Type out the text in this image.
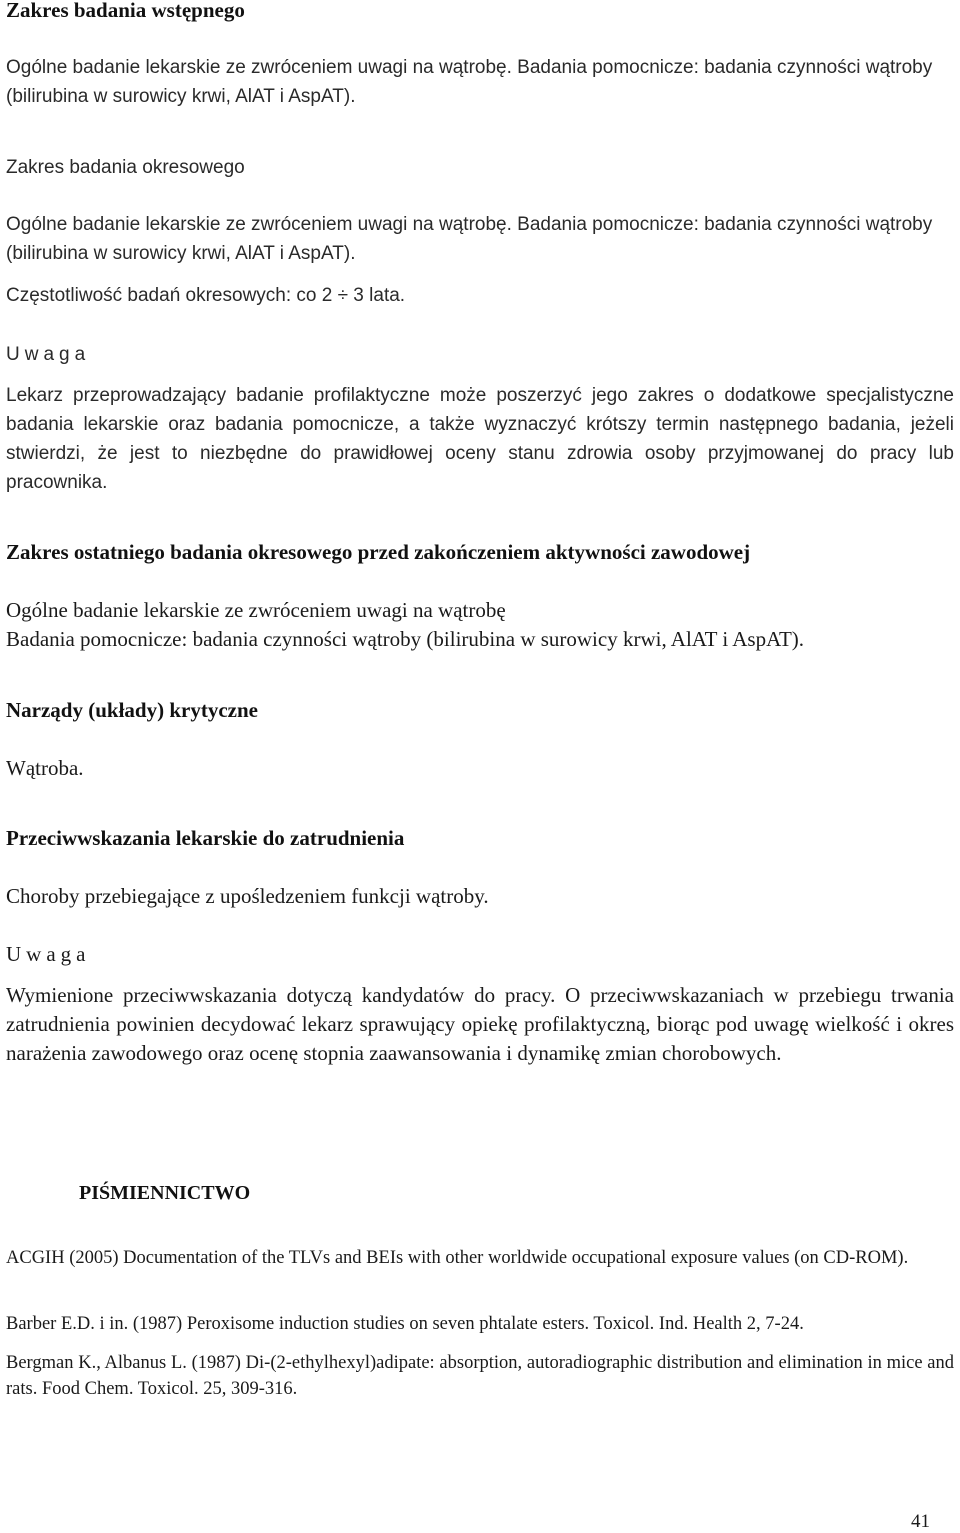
Zakres badania wstępnego

Ogólne badanie lekarskie ze zwróceniem uwagi na wątrobę. Badania pomocnicze: badania czynności wątroby (bilirubina w surowicy krwi, AlAT i AspAT).

Zakres badania okresowego

Ogólne badanie lekarskie ze zwróceniem uwagi na wątrobę. Badania pomocnicze: badania czynności wątroby (bilirubina w surowicy krwi, AlAT i AspAT).

Częstotliwość badań okresowych: co 2 ÷ 3 lata.

Uwaga

Lekarz przeprowadzający badanie profilaktyczne może poszerzyć jego zakres o dodatkowe specjalistyczne badania lekarskie oraz badania pomocnicze, a także wyznaczyć krótszy termin następnego badania, jeżeli stwierdzi, że jest to niezbędne do prawidłowej oceny stanu zdrowia osoby przyjmowanej do pracy lub pracownika.

Zakres ostatniego badania okresowego przed zakończeniem aktywności zawodowej

Ogólne badanie lekarskie ze zwróceniem uwagi na wątrobę

Badania pomocnicze: badania czynności wątroby (bilirubina w surowicy krwi, AlAT i AspAT).

Narządy (układy) krytyczne

Wątroba.

Przeciwwskazania lekarskie do zatrudnienia

Choroby przebiegające z upośledzeniem funkcji wątroby.

Uwaga

Wymienione przeciwwskazania dotyczą kandydatów do pracy. O przeciwwskazaniach w przebiegu trwania zatrudnienia powinien decydować lekarz sprawujący opiekę profilaktyczną, biorąc pod uwagę wielkość i okres narażenia zawodowego oraz ocenę stopnia zaawansowania i dynamikę zmian chorobowych.

PIŚMIENNICTWO

ACGIH (2005) Documentation of the TLVs and BEIs with other worldwide occupational exposure values (on CD-ROM).

Barber E.D. i in. (1987) Peroxisome induction studies on seven phtalate esters. Toxicol. Ind. Health 2, 7-24.

Bergman K., Albanus L. (1987) Di-(2-ethylhexyl)adipate: absorption, autoradiographic distribution and elimination in mice and rats. Food Chem. Toxicol. 25, 309-316.

41
